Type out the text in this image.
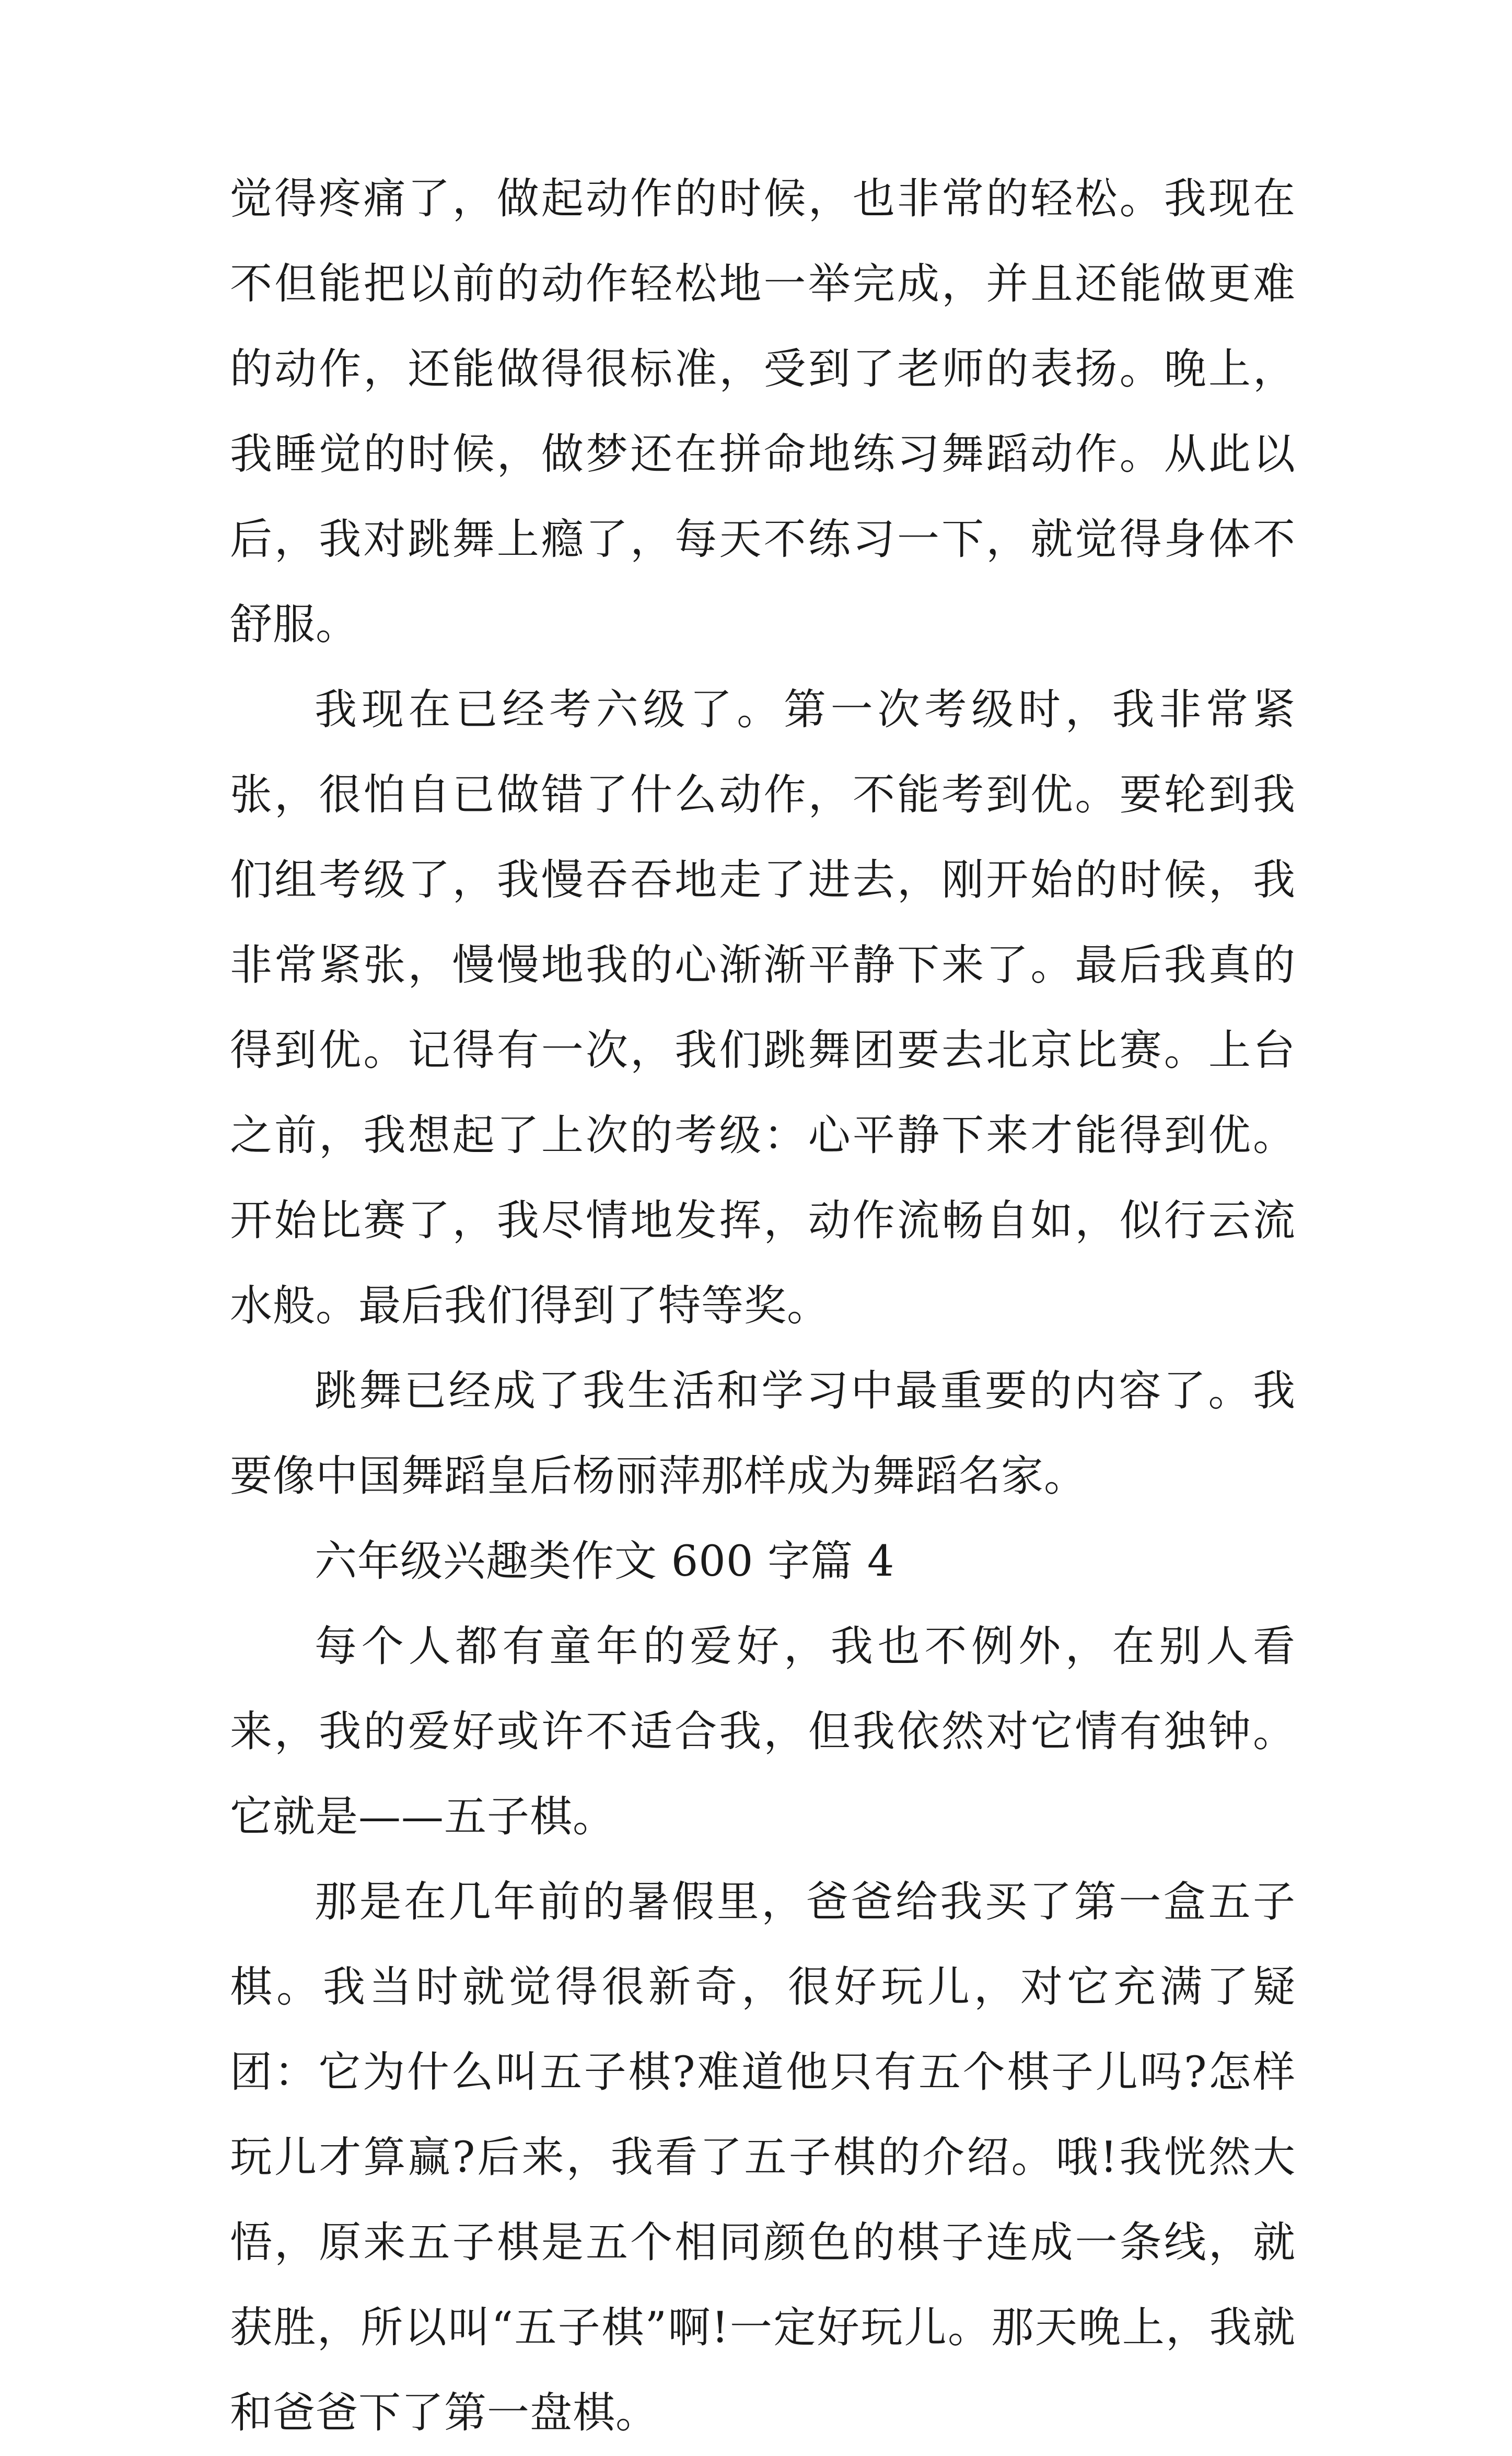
觉得疼痛了，做起动作的时候，也非常的轻松。我现在不但能把以前的动作轻松地一举完成，并且还能做更难的动作，还能做得很标准，受到了老师的表扬。晚上，我睡觉的时候，做梦还在拼命地练习舞蹈动作。从此以后，我对跳舞上瘾了，每天不练习一下，就觉得身体不舒服。

我现在已经考六级了。第一次考级时，我非常紧张，很怕自已做错了什么动作，不能考到优。要轮到我们组考级了，我慢吞吞地走了进去，刚开始的时候，我非常紧张，慢慢地我的心渐渐平静下来了。最后我真的得到优。记得有一次，我们跳舞团要去北京比赛。上台之前，我想起了上次的考级：心平静下来才能得到优。开始比赛了，我尽情地发挥，动作流畅自如，似行云流水般。最后我们得到了特等奖。

跳舞已经成了我生活和学习中最重要的内容了。我要像中国舞蹈皇后杨丽萍那样成为舞蹈名家。

六年级兴趣类作文 600 字篇 4

每个人都有童年的爱好，我也不例外，在别人看来，我的爱好或许不适合我，但我依然对它情有独钟。它就是——五子棋。

那是在几年前的暑假里，爸爸给我买了第一盒五子棋。我当时就觉得很新奇，很好玩儿，对它充满了疑团：它为什么叫五子棋?难道他只有五个棋子儿吗?怎样玩儿才算赢?后来，我看了五子棋的介绍。哦!我恍然大悟，原来五子棋是五个相同颜色的棋子连成一条线，就获胜，所以叫“五子棋”啊!一定好玩儿。那天晚上，我就和爸爸下了第一盘棋。
